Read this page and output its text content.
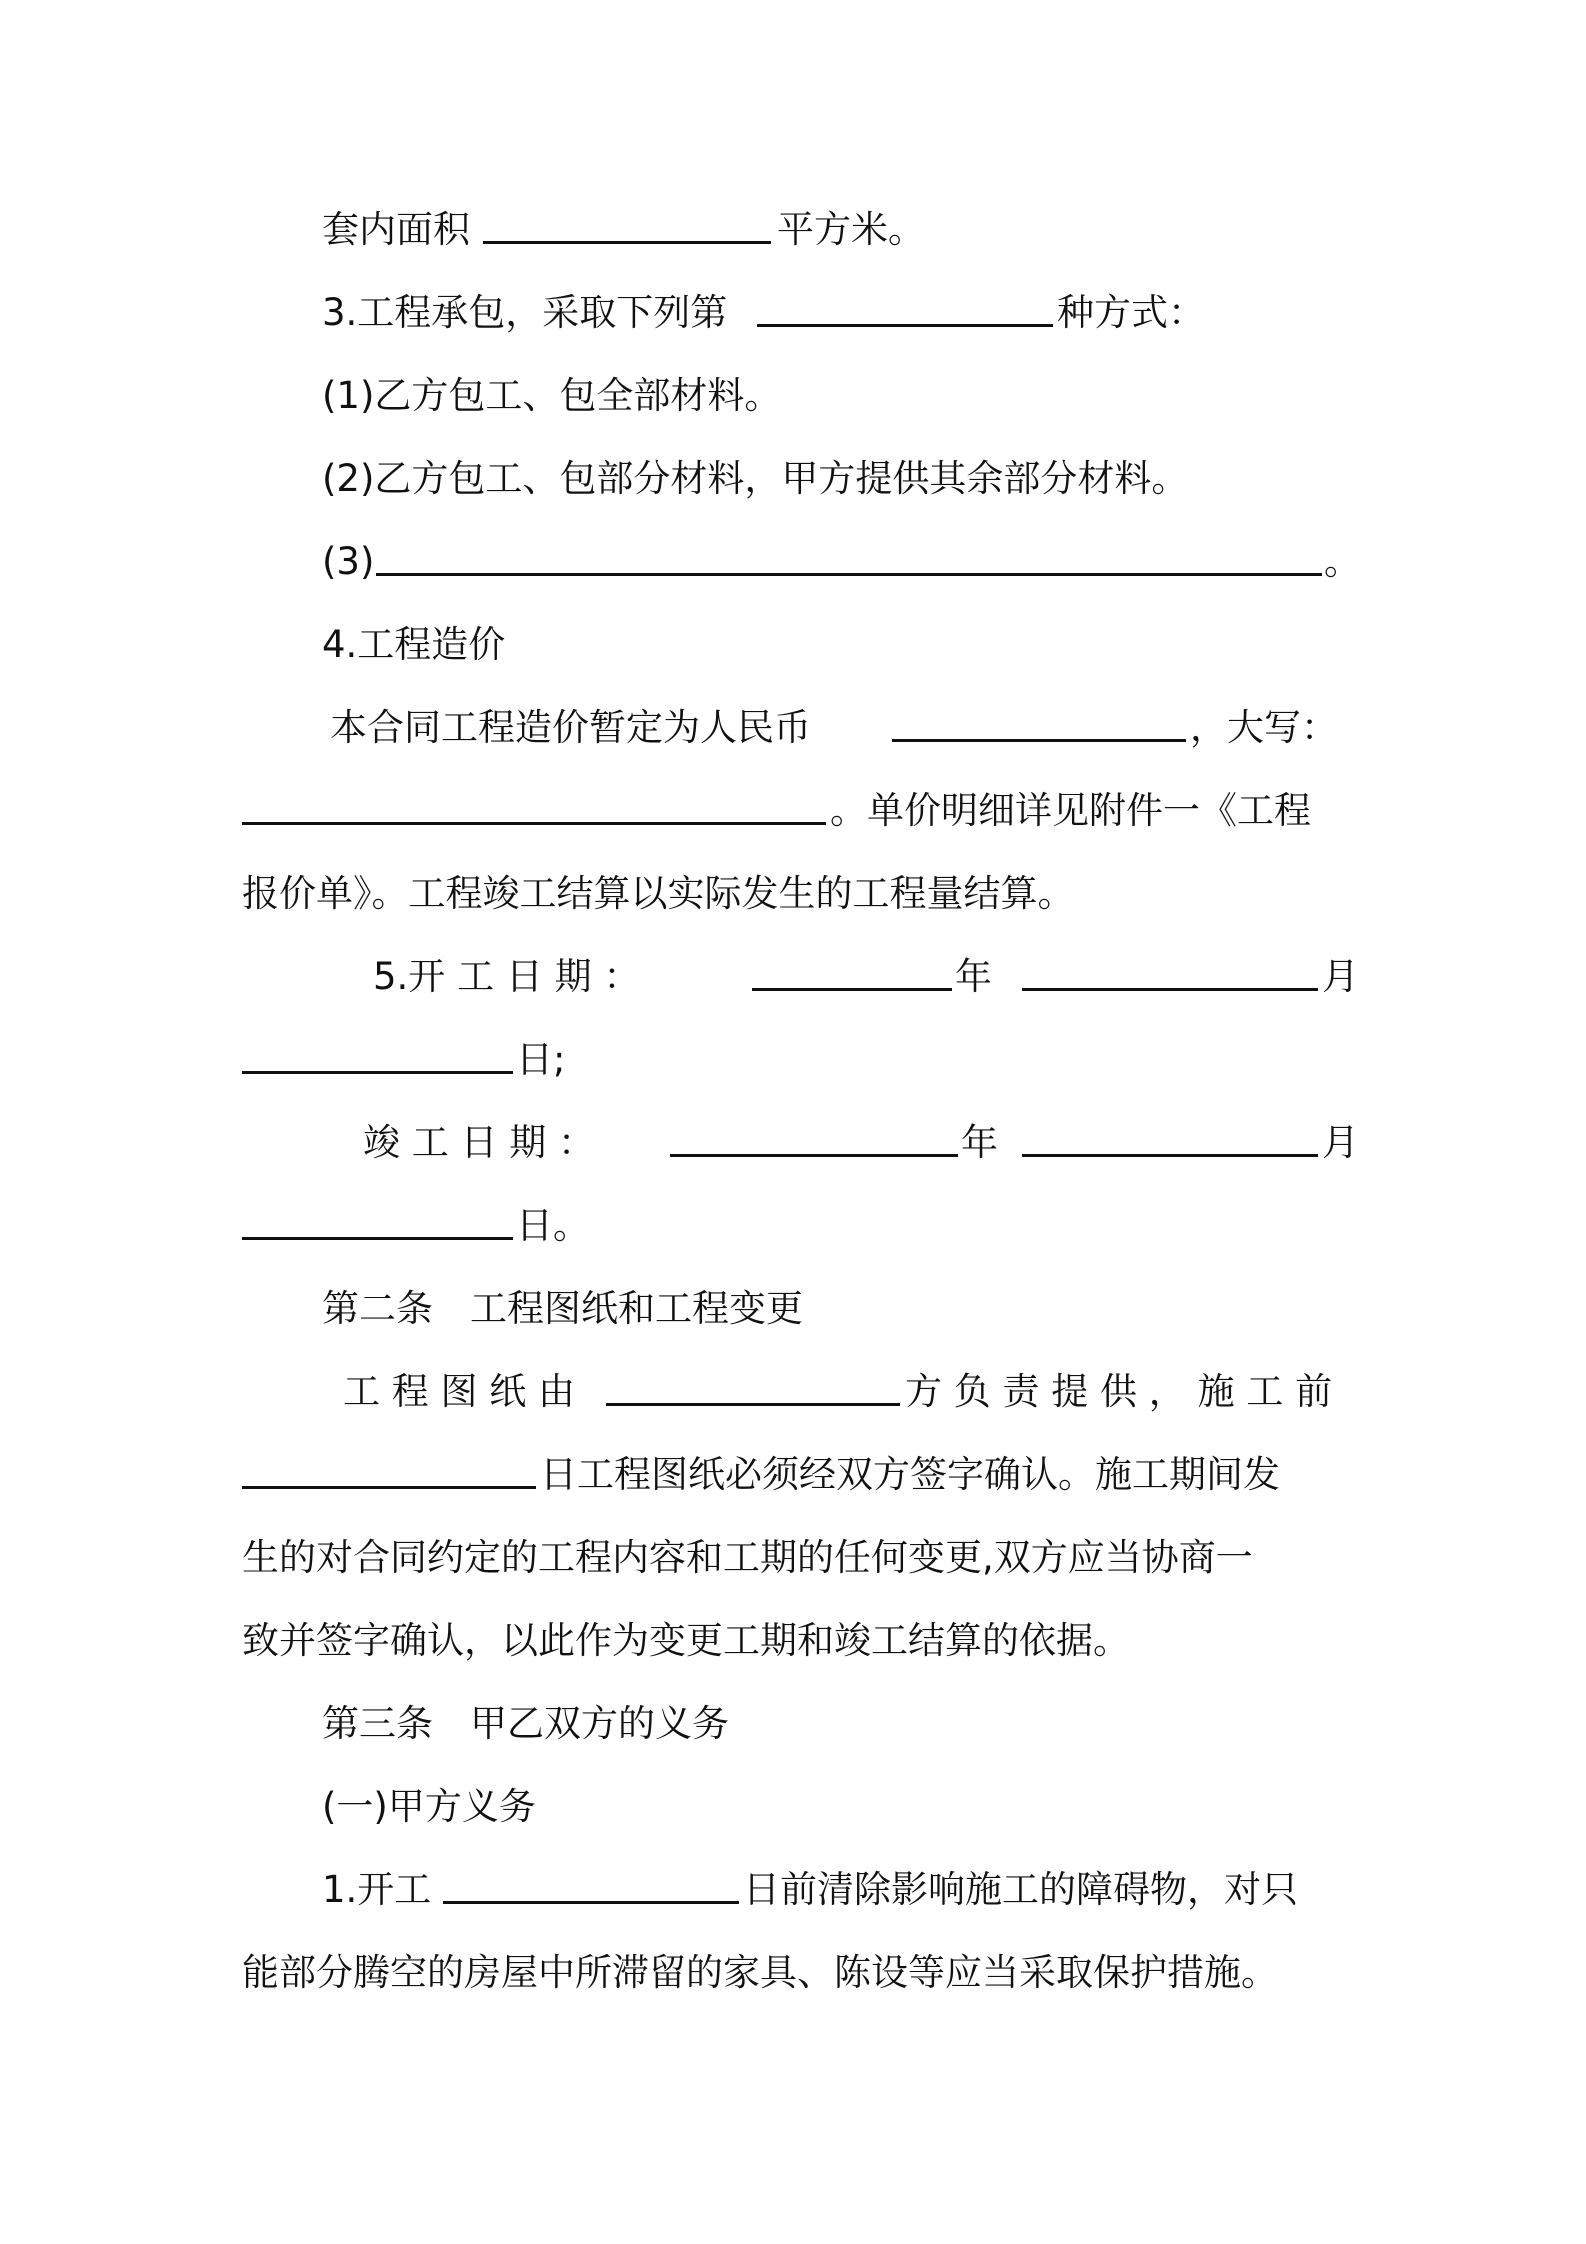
套内面积	平方米。
3.工程承包，采取下列第	种方式：
(1)乙方包工、包全部材料。
(2)乙方包工、包部分材料，甲方提供其余部分材料。
(3)	。
4.工程造价
本合同工程造价暂定为人民币	，大写：
。单价明细详见附件一《工程
报价单》。工程竣工结算以实际发生的工程量结算。
5.开 工 日 期 ：	年	月
日;
竣 工 日 期 ：	年	月
日。
第二条　工程图纸和工程变更
工 程 图 纸 由	方 负 责 提 供 ， 施 工 前
日工程图纸必须经双方签字确认。施工期间发
生的对合同约定的工程内容和工期的任何变更,双方应当协商一
致并签字确认，以此作为变更工期和竣工结算的依据。
第三条　甲乙双方的义务
(一)甲方义务
1.开工	日前清除影响施工的障碍物，对只
能部分腾空的房屋中所滞留的家具、陈设等应当采取保护措施。
